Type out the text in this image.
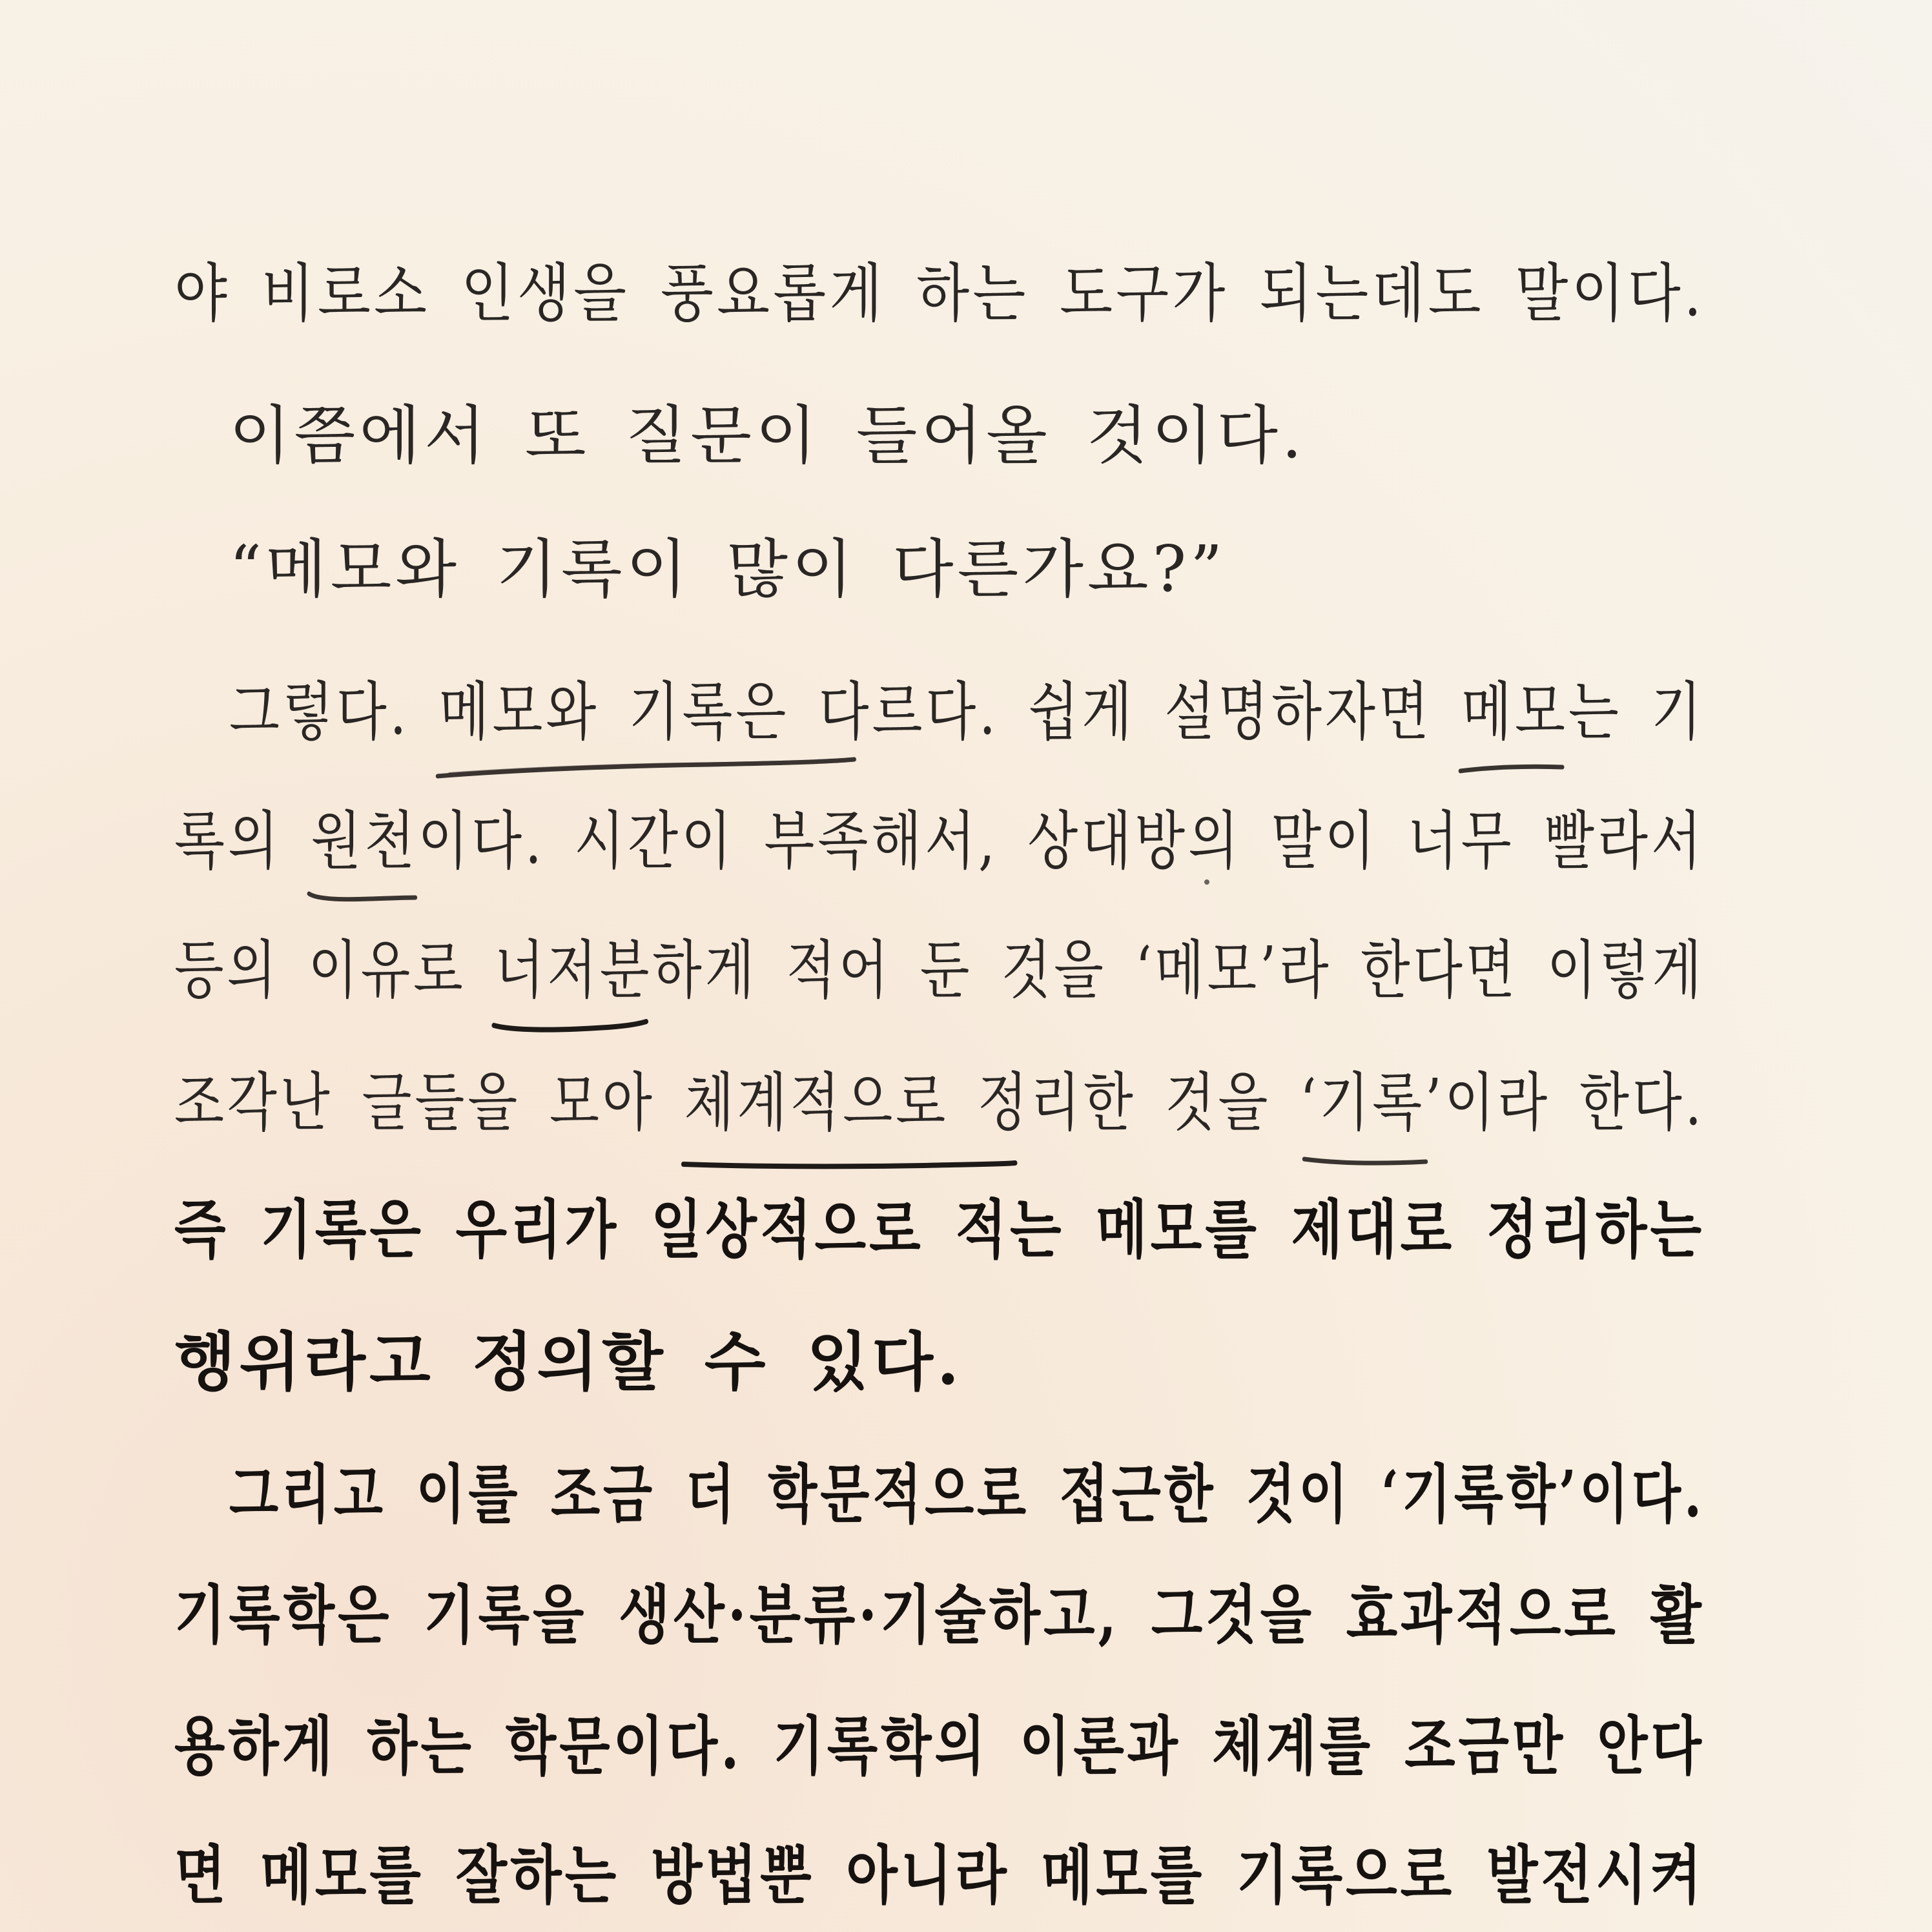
야 비로소 인생을 풍요롭게 하는 도구가 되는데도 말이다.
이쯤에서 또 질문이 들어올 것이다.
“메모와 기록이 많이 다른가요?”
그렇다. 메모와 기록은 다르다
. 쉽게 설명하자면 메모
는 기
록의 원천
이다. 시간이 부족해서, 상대방의 말이 너무 빨라서
등의 이유로 너저분
하게 적어 둔 것을 ‘메모’라 한다면 이렇게
조각난 글들을 모아 체계적으로 정리
한 것을 ‘기록’
이라 한다.
즉 기록은 우리가 일상적으로 적는 메모를 제대로 정리하는
행위라고 정의할 수 있다.
그리고 이를 조금 더 학문적으로 접근한 것이 ‘기록학’이다.
기록학은 기록을 생산·분류·기술하고, 그것을 효과적으로 활
용하게 하는 학문이다. 기록학의 이론과 체계를 조금만 안다
면 메모를 잘하는 방법뿐 아니라 메모를 기록으로 발전시켜
